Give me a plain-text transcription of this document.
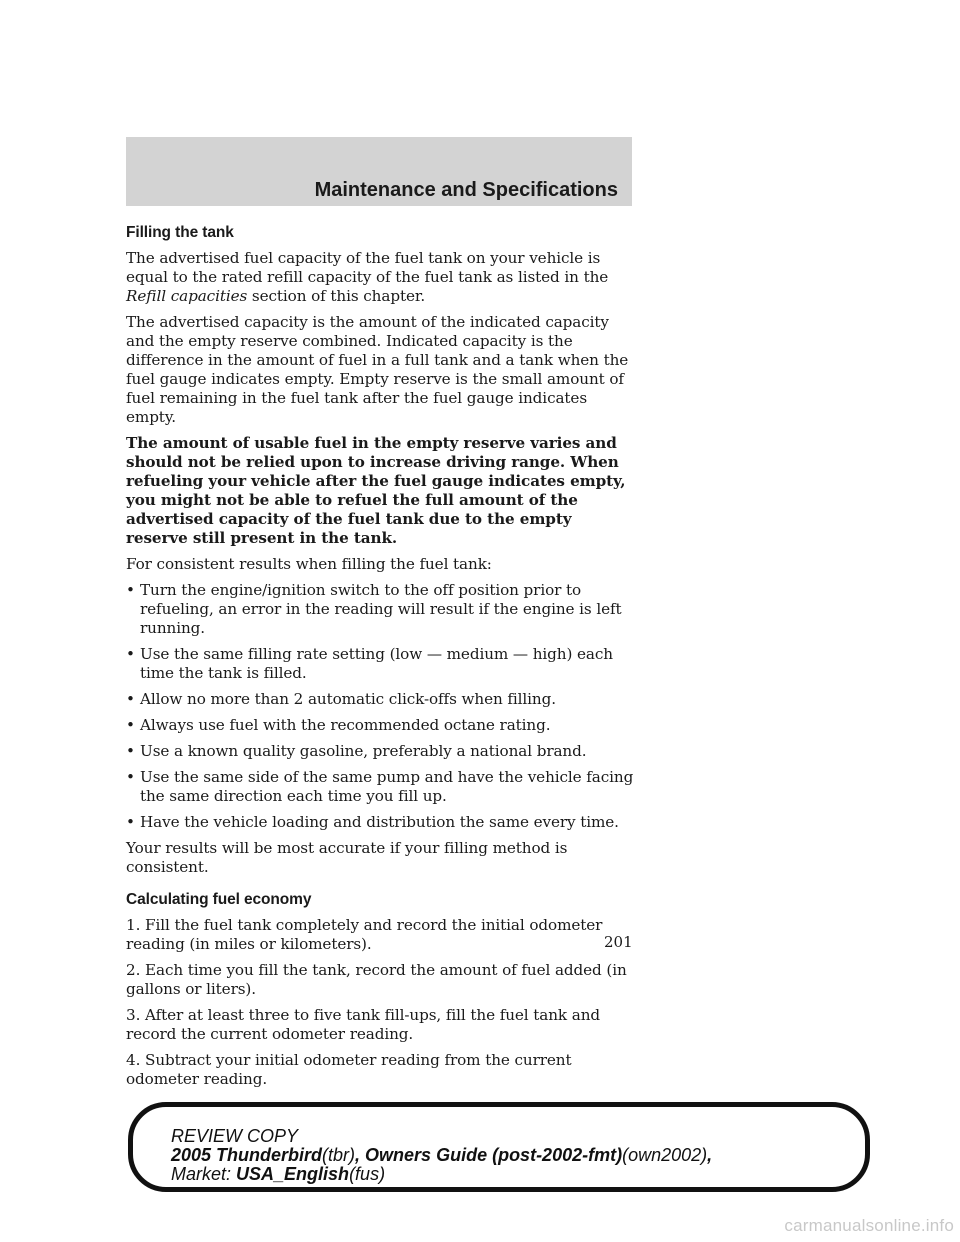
Maintenance and Specifications
Filling the tank

The advertised fuel capacity of the fuel tank on your vehicle is equal to the rated refill capacity of the fuel tank as listed in the Refill capacities section of this chapter.

The advertised capacity is the amount of the indicated capacity and the empty reserve combined. Indicated capacity is the difference in the amount of fuel in a full tank and a tank when the fuel gauge indicates empty. Empty reserve is the small amount of fuel remaining in the fuel tank after the fuel gauge indicates empty.

The amount of usable fuel in the empty reserve varies and should not be relied upon to increase driving range. When refueling your vehicle after the fuel gauge indicates empty, you might not be able to refuel the full amount of the advertised capacity of the fuel tank due to the empty reserve still present in the tank.

For consistent results when filling the fuel tank:

• Turn the engine/ignition switch to the off position prior to refueling, an error in the reading will result if the engine is left running.
• Use the same filling rate setting (low — medium — high) each time the tank is filled.
• Allow no more than 2 automatic click-offs when filling.
• Always use fuel with the recommended octane rating.
• Use a known quality gasoline, preferably a national brand.
• Use the same side of the same pump and have the vehicle facing the same direction each time you fill up.
• Have the vehicle loading and distribution the same every time.

Your results will be most accurate if your filling method is consistent.

Calculating fuel economy

1. Fill the fuel tank completely and record the initial odometer reading (in miles or kilometers).

2. Each time you fill the tank, record the amount of fuel added (in gallons or liters).

3. After at least three to five tank fill-ups, fill the fuel tank and record the current odometer reading.

4. Subtract your initial odometer reading from the current odometer reading.

201
REVIEW COPY
2005 Thunderbird(tbr), Owners Guide (post-2002-fmt)(own2002),
Market: USA_English(fus)
carmanualsonline.info
